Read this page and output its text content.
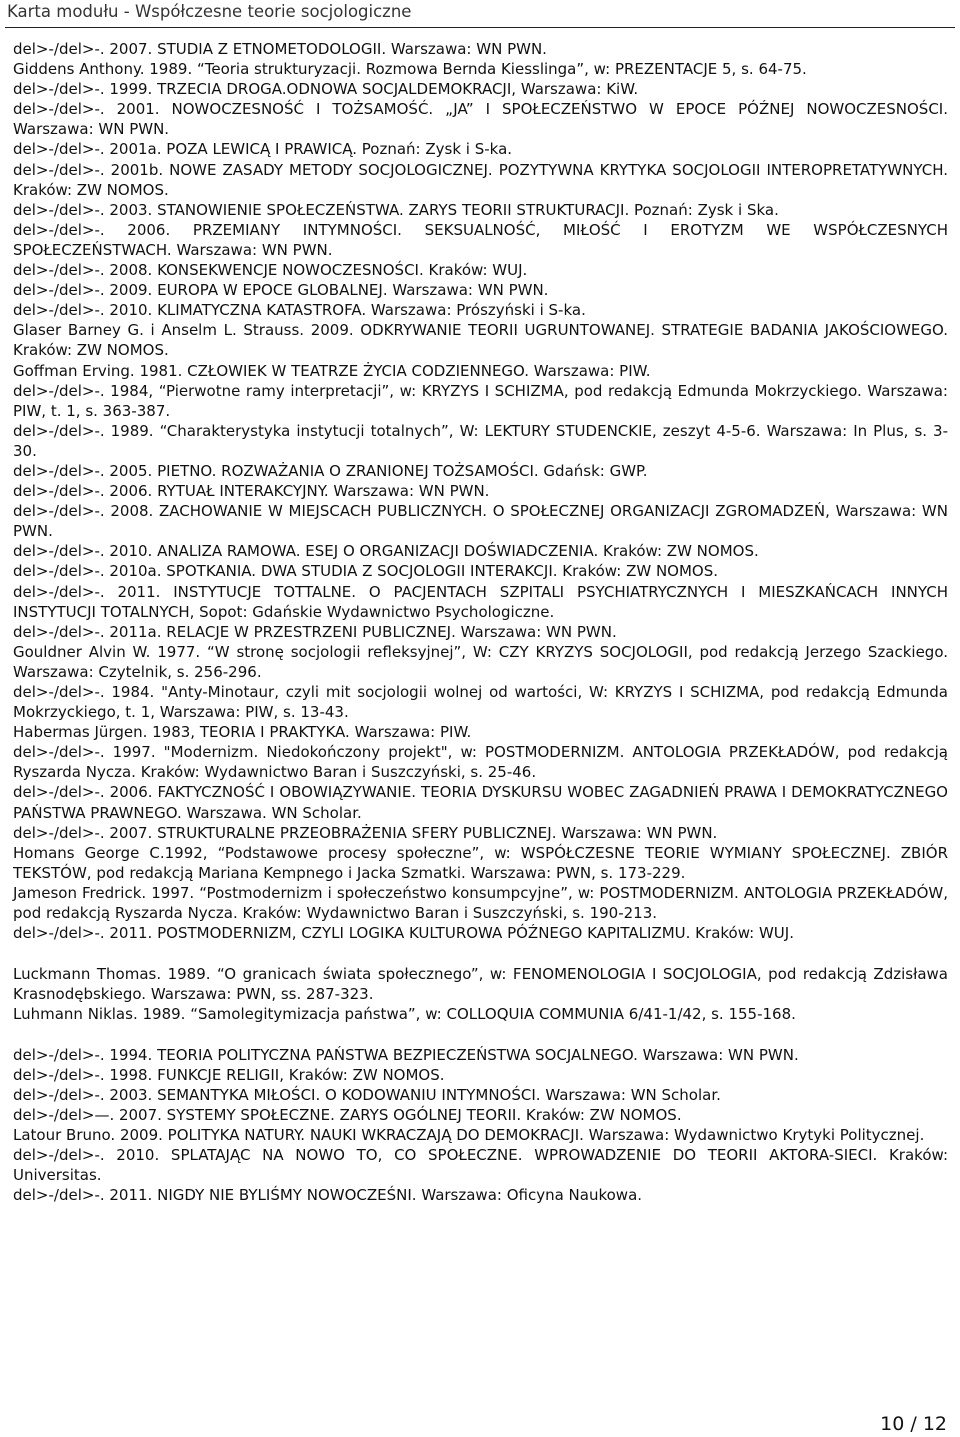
Karta modułu - Współczesne teorie socjologiczne
del>-/del>-. 2007. STUDIA Z ETNOMETODOLOGII. Warszawa: WN PWN.
Giddens Anthony. 1989. “Teoria strukturyzacji. Rozmowa Bernda Kiesslinga”, w: PREZENTACJE 5, s. 64-75.
del>-/del>-. 1999. TRZECIA DROGA.ODNOWA SOCJALDEMOKRACJI, Warszawa: KiW.
del>-/del>-. 2001. NOWOCZESNOŚĆ I TOŻSAMOŚĆ. „JA” I SPOŁECZEŃSTWO W EPOCE PÓŹNEJ NOWOCZESNOŚCI. Warszawa: WN PWN.
del>-/del>-. 2001a. POZA LEWICĄ I PRAWICĄ. Poznań: Zysk i S-ka.
del>-/del>-. 2001b. NOWE ZASADY METODY SOCJOLOGICZNEJ. POZYTYWNA KRYTYKA SOCJOLOGII INTEROPRETATYWNYCH. Kraków: ZW NOMOS.
del>-/del>-. 2003. STANOWIENIE SPOŁECZEŃSTWA. ZARYS TEORII STRUKTURACJI. Poznań: Zysk i Ska.
del>-/del>-. 2006. PRZEMIANY INTYMNOŚCI. SEKSUALNOŚĆ, MIŁOŚĆ I EROTYZM WE WSPÓŁCZESNYCH SPOŁECZEŃSTWACH. Warszawa: WN PWN.
del>-/del>-. 2008. KONSEKWENCJE NOWOCZESNOŚCI. Kraków: WUJ.
del>-/del>-. 2009. EUROPA W EPOCE GLOBALNEJ. Warszawa: WN PWN.
del>-/del>-. 2010. KLIMATYCZNA KATASTROFA. Warszawa: Prószyński i S-ka.
Glaser Barney G. i Anselm L. Strauss. 2009. ODKRYWANIE TEORII UGRUNTOWANEJ. STRATEGIE BADANIA JAKOŚCIOWEGO. Kraków: ZW NOMOS.
Goffman Erving. 1981. CZŁOWIEK W TEATRZE ŻYCIA CODZIENNEGO. Warszawa: PIW.
del>-/del>-. 1984, “Pierwotne ramy interpretacji”, w: KRYZYS I SCHIZMA, pod redakcją Edmunda Mokrzyckiego. Warszawa: PIW, t. 1, s. 363-387.
del>-/del>-. 1989. “Charakterystyka instytucji totalnych”, W: LEKTURY STUDENCKIE, zeszyt 4-5-6. Warszawa: In Plus, s. 3-30.
del>-/del>-. 2005. PIETNO. ROZWAŻANIA O ZRANIONEJ TOŻSAMOŚCI. Gdańsk: GWP.
del>-/del>-. 2006. RYTUAŁ INTERAKCYJNY. Warszawa: WN PWN.
del>-/del>-. 2008. ZACHOWANIE W MIEJSCACH PUBLICZNYCH. O SPOŁECZNEJ ORGANIZACJI ZGROMADZEŃ, Warszawa: WN PWN.
del>-/del>-. 2010. ANALIZA RAMOWA. ESEJ O ORGANIZACJI DOŚWIADCZENIA. Kraków: ZW NOMOS.
del>-/del>-. 2010a. SPOTKANIA. DWA STUDIA Z SOCJOLOGII INTERAKCJI. Kraków: ZW NOMOS.
del>-/del>-. 2011. INSTYTUCJE TOTTALNE. O PACJENTACH SZPITALI PSYCHIATRYCZNYCH I MIESZKAŃCACH INNYCH INSTYTUCJI TOTALNYCH, Sopot: Gdańskie Wydawnictwo Psychologiczne.
del>-/del>-. 2011a. RELACJE W PRZESTRZENI PUBLICZNEJ. Warszawa: WN PWN.
Gouldner Alvin W. 1977. “W stronę socjologii refleksyjnej”, W: CZY KRYZYS SOCJOLOGII, pod redakcją Jerzego Szackiego. Warszawa: Czytelnik, s. 256-296.
del>-/del>-. 1984. "Anty-Minotaur, czyli mit socjologii wolnej od wartości, W: KRYZYS I SCHIZMA, pod redakcją Edmunda Mokrzyckiego, t. 1, Warszawa: PIW, s. 13-43.
Habermas Jürgen. 1983, TEORIA I PRAKTYKA. Warszawa: PIW.
del>-/del>-. 1997. "Modernizm. Niedokończony projekt", w: POSTMODERNIZM. ANTOLOGIA PRZEKŁADÓW, pod redakcją Ryszarda Nycza. Kraków: Wydawnictwo Baran i Suszczyński, s. 25-46.
del>-/del>-. 2006. FAKTYCZNOŚĆ I OBOWIĄZYWANIE. TEORIA DYSKURSU WOBEC ZAGADNIEŃ PRAWA I DEMOKRATYCZNEGO PAŃSTWA PRAWNEGO. Warszawa. WN Scholar.
del>-/del>-. 2007. STRUKTURALNE PRZEOBRAŻENIA SFERY PUBLICZNEJ. Warszawa: WN PWN.
Homans George C.1992, “Podstawowe procesy społeczne”, w: WSPÓŁCZESNE TEORIE WYMIANY SPOŁECZNEJ. ZBIÓR TEKSTÓW, pod redakcją Mariana Kempnego i Jacka Szmatki. Warszawa: PWN, s. 173-229.
Jameson Fredrick. 1997. “Postmodernizm i społeczeństwo konsumpcyjne”, w: POSTMODERNIZM. ANTOLOGIA PRZEKŁADÓW, pod redakcją Ryszarda Nycza. Kraków: Wydawnictwo Baran i Suszczyński, s. 190-213.
del>-/del>-. 2011. POSTMODERNIZM, CZYLI LOGIKA KULTUROWA PÓŹNEGO KAPITALIZMU. Kraków: WUJ.
Luckmann Thomas. 1989. “O granicach świata społecznego”, w: FENOMENOLOGIA I SOCJOLOGIA, pod redakcją Zdzisława Krasnodębskiego. Warszawa: PWN, ss. 287-323.
Luhmann Niklas. 1989. “Samolegitymizacja państwa”, w: COLLOQUIA COMMUNIA 6/41-1/42, s. 155-168.
del>-/del>-. 1994. TEORIA POLITYCZNA PAŃSTWA BEZPIECZEŃSTWA SOCJALNEGO. Warszawa: WN PWN.
del>-/del>-. 1998. FUNKCJE RELIGII, Kraków: ZW NOMOS.
del>-/del>-. 2003. SEMANTYKA MIŁOŚCI. O KODOWANIU INTYMNOŚCI. Warszawa: WN Scholar.
del>-/del>—. 2007. SYSTEMY SPOŁECZNE. ZARYS OGÓLNEJ TEORII. Kraków: ZW NOMOS.
Latour Bruno. 2009. POLITYKA NATURY. NAUKI WKRACZAJĄ DO DEMOKRACJI. Warszawa: Wydawnictwo Krytyki Politycznej.
del>-/del>-. 2010. SPLATAJĄC NA NOWO TO, CO SPOŁECZNE. WPROWADZENIE DO TEORII AKTORA-SIECI. Kraków: Universitas.
del>-/del>-. 2011. NIGDY NIE BYLIŚMY NOWOCZEŚNI. Warszawa: Oficyna Naukowa.
10 / 12
